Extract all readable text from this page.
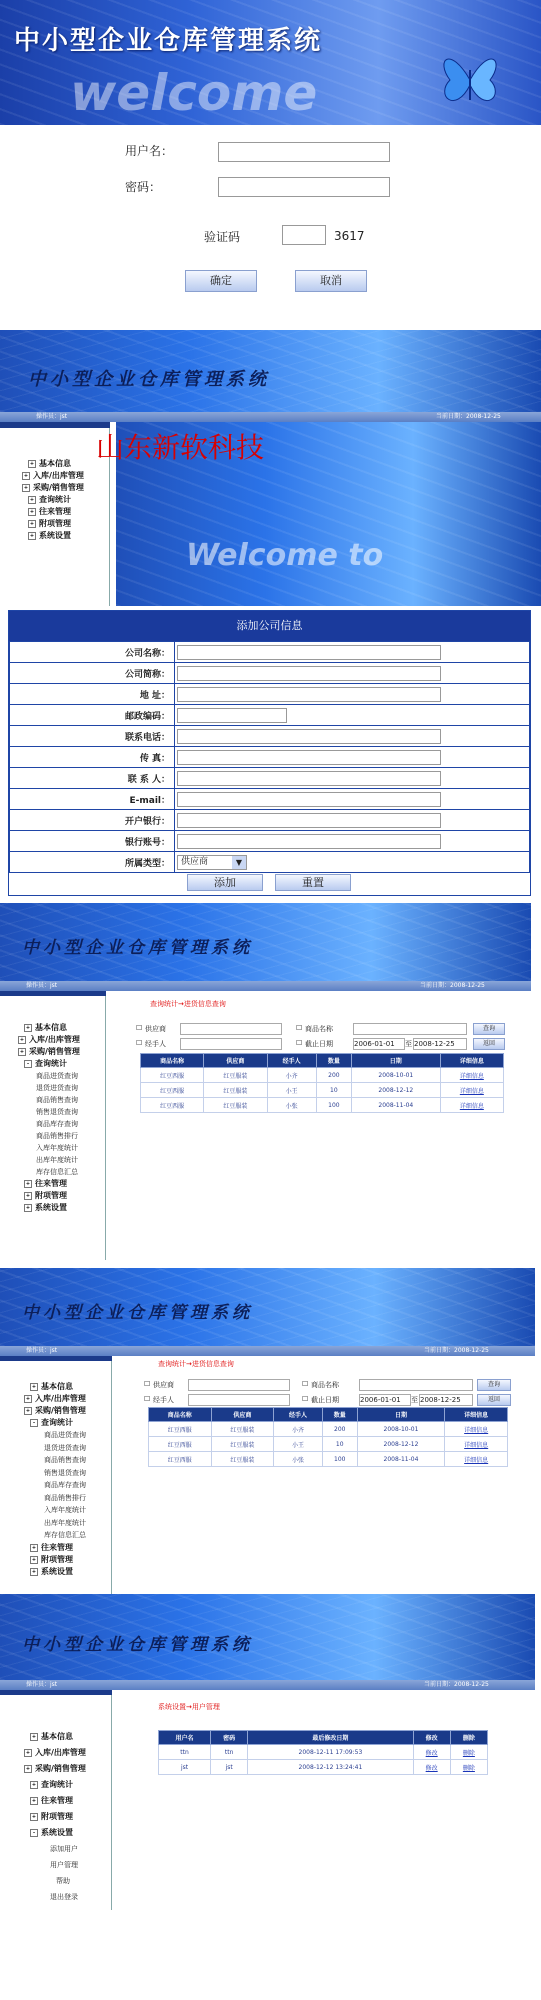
中小型企业仓库管理系统
welcome
用户名：
密码：
验证码	3617
确定	取消
中小型企业仓库管理系统
操作员：jst	当前日期：2008-12-25
+ 基本信息
+ 入库/出库管理
+ 采购/销售管理
+ 查询统计
+ 往来管理
+ 附项管理
+ 系统设置
Welcome to
山东新软科技
添加公司信息
公司名称：	

公司简称：	

地 址：	

邮政编码：	

联系电话：	

传 真：	

联 系 人：	

E-mail：	

开户银行：	

银行账号：	

所属类型：	供应商 ▼
添加	重置
中小型企业仓库管理系统
操作员：jst	当前日期：2008-12-25
+ 基本信息
+ 入库/出库管理
+ 采购/销售管理
- 查询统计
商品进货查询
退货进货查询
商品销售查询
销售退货查询
商品库存查询
商品销售排行
入库年度统计
出库年度统计
库存信息汇总
+ 往来管理
+ 附项管理
+ 系统设置
查询统计→进货信息查询
☐ 供应商	☐ 商品名称	查询
☐ 经手人	☐ 截止日期	2006-01-01	至 2008-12-25	返回
商品名称	供应商	经手人	数量	日期	详细信息
红豆西服	红豆服装	小齐	200	2008-10-01	详细信息
红豆西服	红豆服装	小王	10	2008-12-12	详细信息
红豆西服	红豆服装	小张	100	2008-11-04	详细信息
中小型企业仓库管理系统
操作员：jst	当前日期：2008-12-25
+ 基本信息
+ 入库/出库管理
+ 采购/销售管理
- 查询统计
商品进货查询
退货进货查询
商品销售查询
销售退货查询
商品库存查询
商品销售排行
入库年度统计
出库年度统计
库存信息汇总
+ 往来管理
+ 附项管理
+ 系统设置
查询统计→进货信息查询
☐ 供应商	☐ 商品名称	查询
☐ 经手人	☐ 截止日期	2006-01-01	至 2008-12-25	返回
商品名称	供应商	经手人	数量	日期	详细信息
红豆西服	红豆服装	小齐	200	2008-10-01	详细信息
红豆西服	红豆服装	小王	10	2008-12-12	详细信息
红豆西服	红豆服装	小张	100	2008-11-04	详细信息
中小型企业仓库管理系统
操作员：jst	当前日期：2008-12-25
+ 基本信息
+ 入库/出库管理
+ 采购/销售管理
+ 查询统计
+ 往来管理
+ 附项管理
- 系统设置
添加用户
用户管理
帮助
退出登录
系统设置→用户管理
用户名	密码	最后修改日期	修改	删除
ttn	ttn	2008-12-11 17:09:53	修改	删除
jst	jst	2008-12-12 13:24:41	修改	删除
